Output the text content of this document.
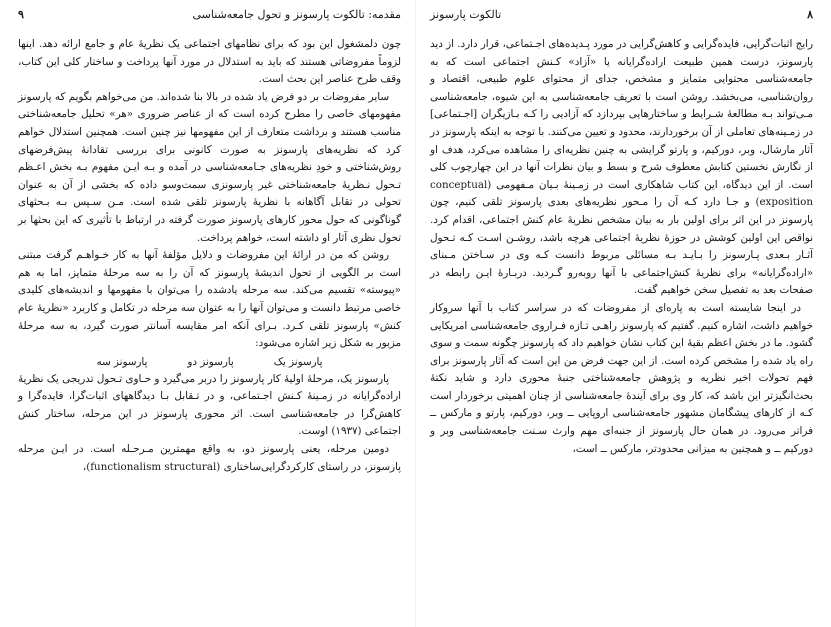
مقدمه: تالکوت پارسونز و تحول جامعه‌شناسی
۹

چون دلمشغول این بود که برای نظامهای اجتماعی یک نظریهٔ عام و جامع ارائه دهد. اینها لزوماً مفروضاتی هستند که باید به استدلال در مورد آنها پرداخت و ساختار کلی این کتاب، وقف طرح عناصر این بحث است.

سایر مفروضات بر دو فرض یاد شده در بالا بنا شده‌اند. من می‌خواهم بگویم که پارسونز مفهومهای خاصی را مطرح کرده است که از عناصر ضروری «هر» تحلیل جامعه‌شناختی مناسب هستند و برداشت متعارف از این مفهومها نیز چنین است. همچنین استدلال خواهم کرد که نظریه‌های پارسونز به صورت کانونی برای بررسی تقادانهٔ پیش‌فرضهای روش‌شناختی و خودِ نظریه‌های جـامعه‌شناسی در آمده و بـه ایـن مفهوم بـه بخش اعـظم تـحول نـظریهٔ جامعه‌شناختی غیر پارسونزی سمت‌و‌سو داده که بخشی از آن به عنوان تحولی در تقابل آگاهانه با نظریهٔ پارسونز تلقی شده است. مـن سـپس بـه بـحثهای گوناگونی که حول محور کارهای پارسونز صورت گرفته در ارتباط با تأثیری که این بحثها بر تحول نظری آثار او داشته است، خواهم پرداخت.

روشن که من در ارائهٔ این مفروضات و دلایل مؤلفهٔ آنها به کار خـواهـم گرفت مبتنی است بر الگویی از تحول اندیشهٔ پارسونز که آن را به سه مرحلهٔ متمایز، اما به هم «پیوسته» تقسیم می‌کند. سه مرحله یادشده را می‌توان با مفهومها و اندیشه‌های کلیدی خاصی مرتبط دانست و می‌توان آنها را به عنوان سه مرحله در تکامل و کاربرد «نظریهٔ عام کنش» پارسونز تلقی کـرد. بـرای آنکه امر مقایسه آسانتر صورت گیرد، به سه مرحلهٔ مزبور به شکل زیر اشاره می‌شود:

پارسونز یک
پارسونز دو
پارسونز سه

پارسونز یک، مرحلهٔ اولیهٔ کار پارسونز را دربر می‌گیرد و حـاوی تـحول تدریجی یک نظریهٔ اراده‌گرایانه در زمـینهٔ کـنش اجـتماعی، و در تـقابل بـا دیدگاههای اثبات‌گرا، فایده‌گرا و کاهش‌گرا در جامعه‌شناسی است. اثر محوری پارسونز در این مرحله، ساختار کنش اجتماعی (۱۹۳۷) اوست.

دومین مرحله، یعنی پارسونز دو، به واقع مهمترین مـرحـله است. در ایـن مرحله پارسونز، در راستای کارکردگرایی‌ساختاری (functionalism structural)،

۸
تالکوت پارسونز

رایج اثبات‌گرایی، فایده‌گرایی و کاهش‌گرایی در مورد پـدیده‌های اجـتماعی، قرار دارد. از دید پارسونز، درست همین طبیعت اراده‌گرایانه یا «آزاد» کـنش اجتماعی است که به جامعه‌شناسی محتوایی متمایز و مشخص، جدای از محتوای علوم طبیعی، اقتصاد و روان‌شناسی، می‌بخشد. روشن است با تعریف جامعه‌شناسی به این شیوه، جامعه‌شناسی مـی‌تواند بـه مطالعهٔ شـرایط و ساختارهایی بپردازد که آزادیی را کـه بـازیگران [اجـتماعی] در زمـینه‌های تعاملی از آن برخوردارند، محدود و تعیین می‌کنند. با توجه به اینکه پارسونز در آثار مارشال، وبر، دورکیم، و پارتو گرایشی به چنین نظریه‌ای را مشاهده می‌کرد، هدف او از نگارش نخستین کتابش معطوف شرح و بسط و بیان نظرات آنها در این چهارچوب کلی است. از این دیدگاه، این کتاب شاهکاری است در زمـینهٔ بـیان مـفهومی (conceptual exposition) و جـا دارد کـه آن را مـحور نظریه‌های بعدی پارسونز تلقی کنیم، چون پارسونز در این اثر برای اولین بار به بیان مشخص نظریهٔ عام کنش اجتماعی، اقدام کرد. نواقص این اولین کوشش در حوزهٔ نظریهٔ اجتماعی هرچه باشد، روشـن اسـت کـه تـحول آثـار بـعدی پـارسونز را بـایـد بـه مسائلی مربوط دانست کـه وی در سـاختن مـبنای «اراده‌گرایانه» برای نظریهٔ کنش‌اجتماعی با آنها روبه‌رو گـردید. دربـارهٔ ایـن رابطه در صفحات بعد به تفصیل سخن خواهیم گفت.

در اینجا شایسته است به پاره‌ای از مفروضات که در سراسر کتاب با آنها سروکار خواهیم داشت، اشاره کنیم. گفتیم که پارسونز راهـی تـازه فـراروی جامعه‌شناسی امریکایی گشود. ما در بخش اعظم بقیهٔ این کتاب نشان خواهیم داد که پارسونز چگونه سمت و سوی راه یاد شده را مشخص کرده است. از این جهت فرض من این است که آثار پارسونز برای فهم تحولات اخیر نظریه و پژوهش جامعه‌شناختی جنبهٔ محوری دارد و شاید نکتهٔ بحث‌انگیزتر این باشد که، کار وی برای آیندهٔ جامعه‌شناسی از چنان اهمیتی برخوردار است کـه از کارهای پیشگامان مشهور جامعه‌شناسی اروپایی ــ وبر، دورکیم، پارتو و مارکس ــ فراتر می‌رود. در همان حال پارسونز از جنبه‌ای مهم وارث سـنت جامعه‌شناسی وبر و دورکیم ــ و همچنین به میزانی محدودتر، مارکس ــ است،
